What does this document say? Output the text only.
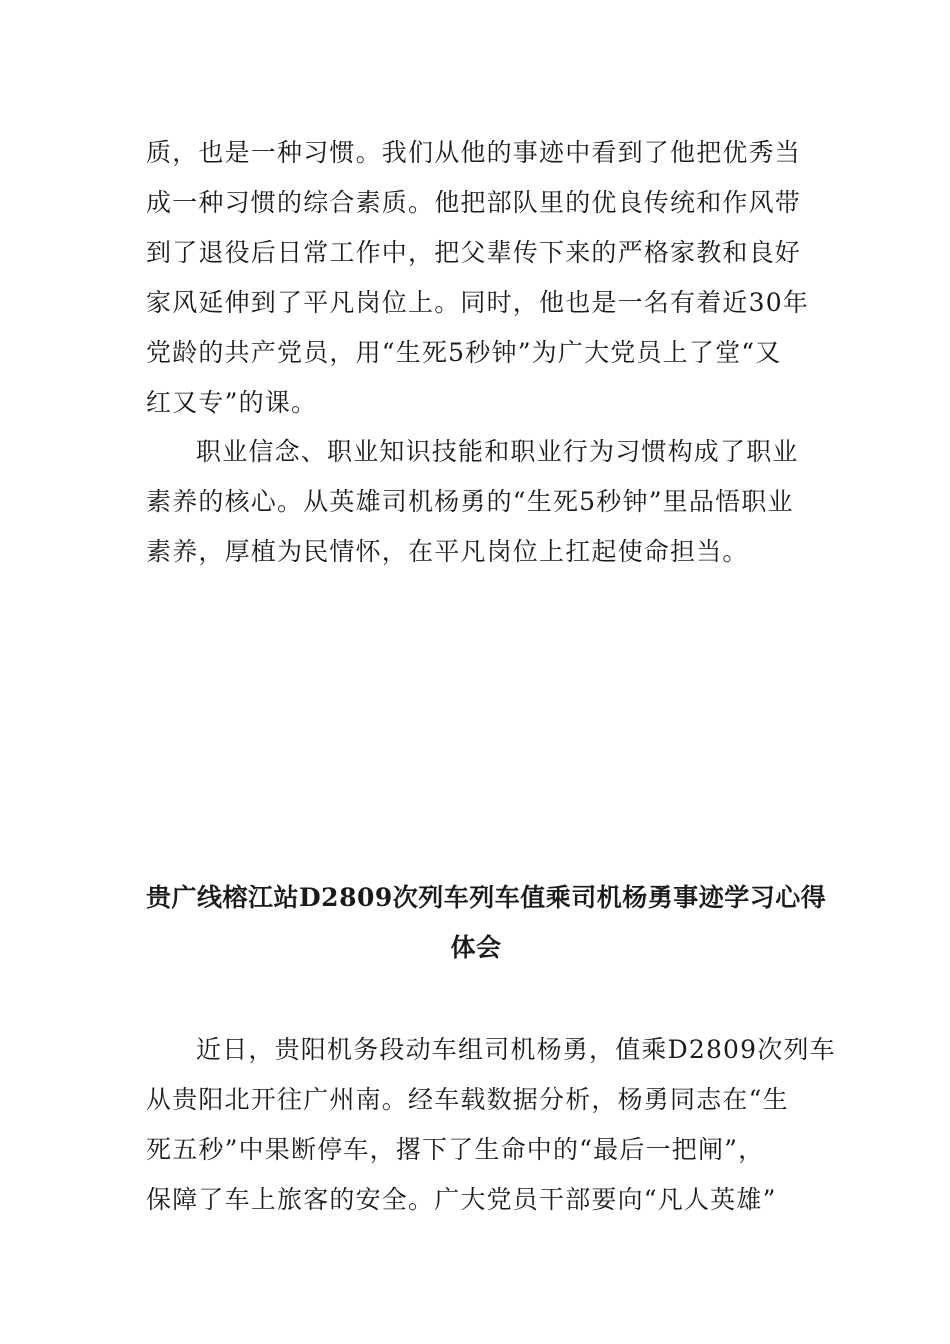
质，也是一种习惯。我们从他的事迹中看到了他把优秀当
成一种习惯的综合素质。他把部队里的优良传统和作风带
到了退役后日常工作中，把父辈传下来的严格家教和良好
家风延伸到了平凡岗位上。同时，他也是一名有着近30年
党龄的共产党员，用“生死5秒钟”为广大党员上了堂“又
红又专”的课。
职业信念、职业知识技能和职业行为习惯构成了职业
素养的核心。从英雄司机杨勇的“生死5秒钟”里品悟职业
素养，厚植为民情怀，在平凡岗位上扛起使命担当。
贵广线榕江站D2809次列车列车值乘司机杨勇事迹学习心得
体会
近日，贵阳机务段动车组司机杨勇，值乘D2809次列车
从贵阳北开往广州南。经车载数据分析，杨勇同志在“生
死五秒”中果断停车，撂下了生命中的“最后一把闸”，
保障了车上旅客的安全。广大党员干部要向“凡人英雄”
